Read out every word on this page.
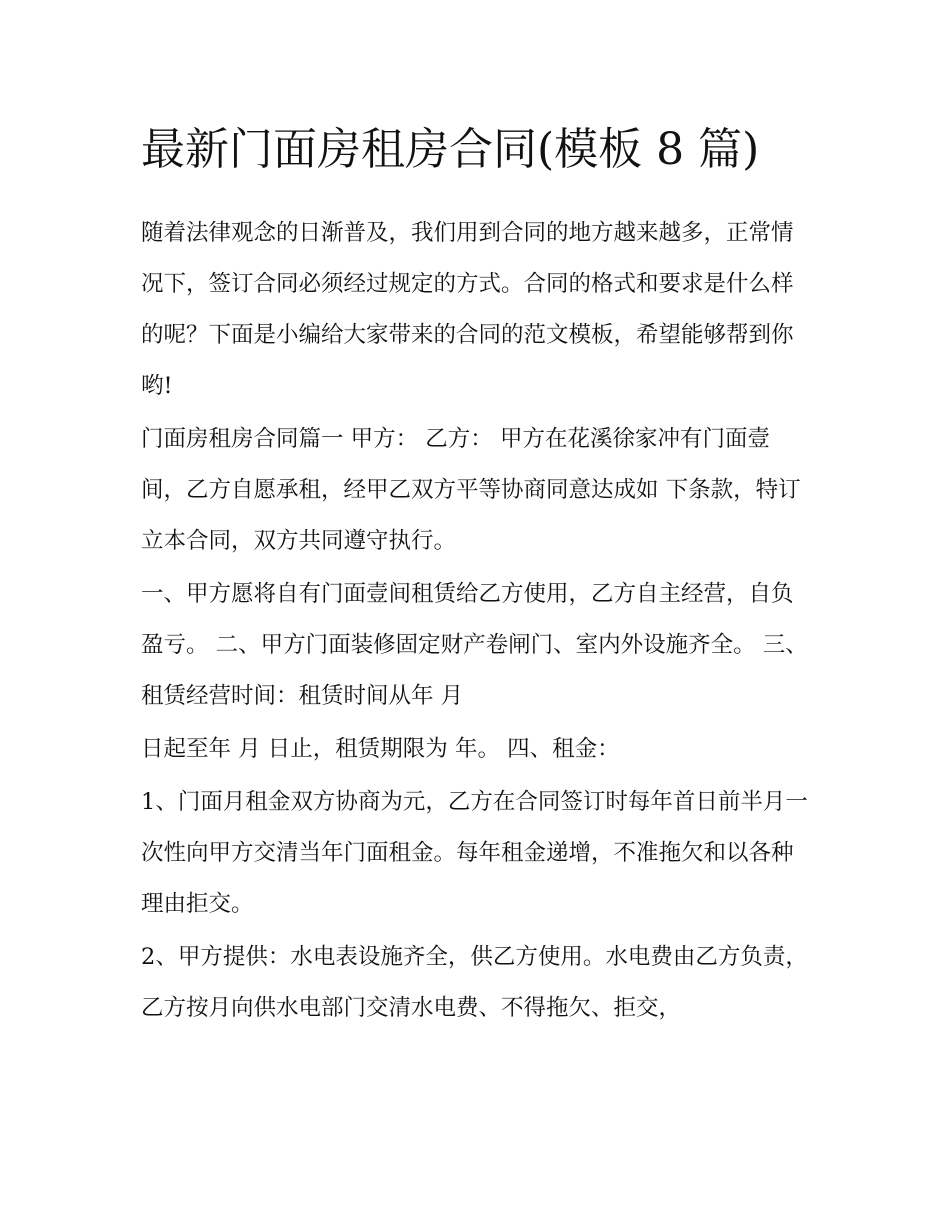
最新门面房租房合同(模板 8 篇)

随着法律观念的日渐普及，我们用到合同的地方越来越多，正常情况下，签订合同必须经过规定的方式。合同的格式和要求是什么样的呢？下面是小编给大家带来的合同的范文模板，希望能够帮到你哟!

门面房租房合同篇一 甲方： 乙方： 甲方在花溪徐家冲有门面壹间，乙方自愿承租，经甲乙双方平等协商同意达成如 下条款，特订立本合同，双方共同遵守执行。

一、甲方愿将自有门面壹间租赁给乙方使用，乙方自主经营，自负盈亏。 二、甲方门面装修固定财产卷闸门、室内外设施齐全。 三、租赁经营时间：租赁时间从年 月

日起至年 月 日止，租赁期限为 年。 四、租金：

1、门面月租金双方协商为元，乙方在合同签订时每年首日前半月一次性向甲方交清当年门面租金。每年租金递增，不准拖欠和以各种理由拒交。

2、甲方提供：水电表设施齐全，供乙方使用。水电费由乙方负责，乙方按月向供水电部门交清水电费、不得拖欠、拒交，
